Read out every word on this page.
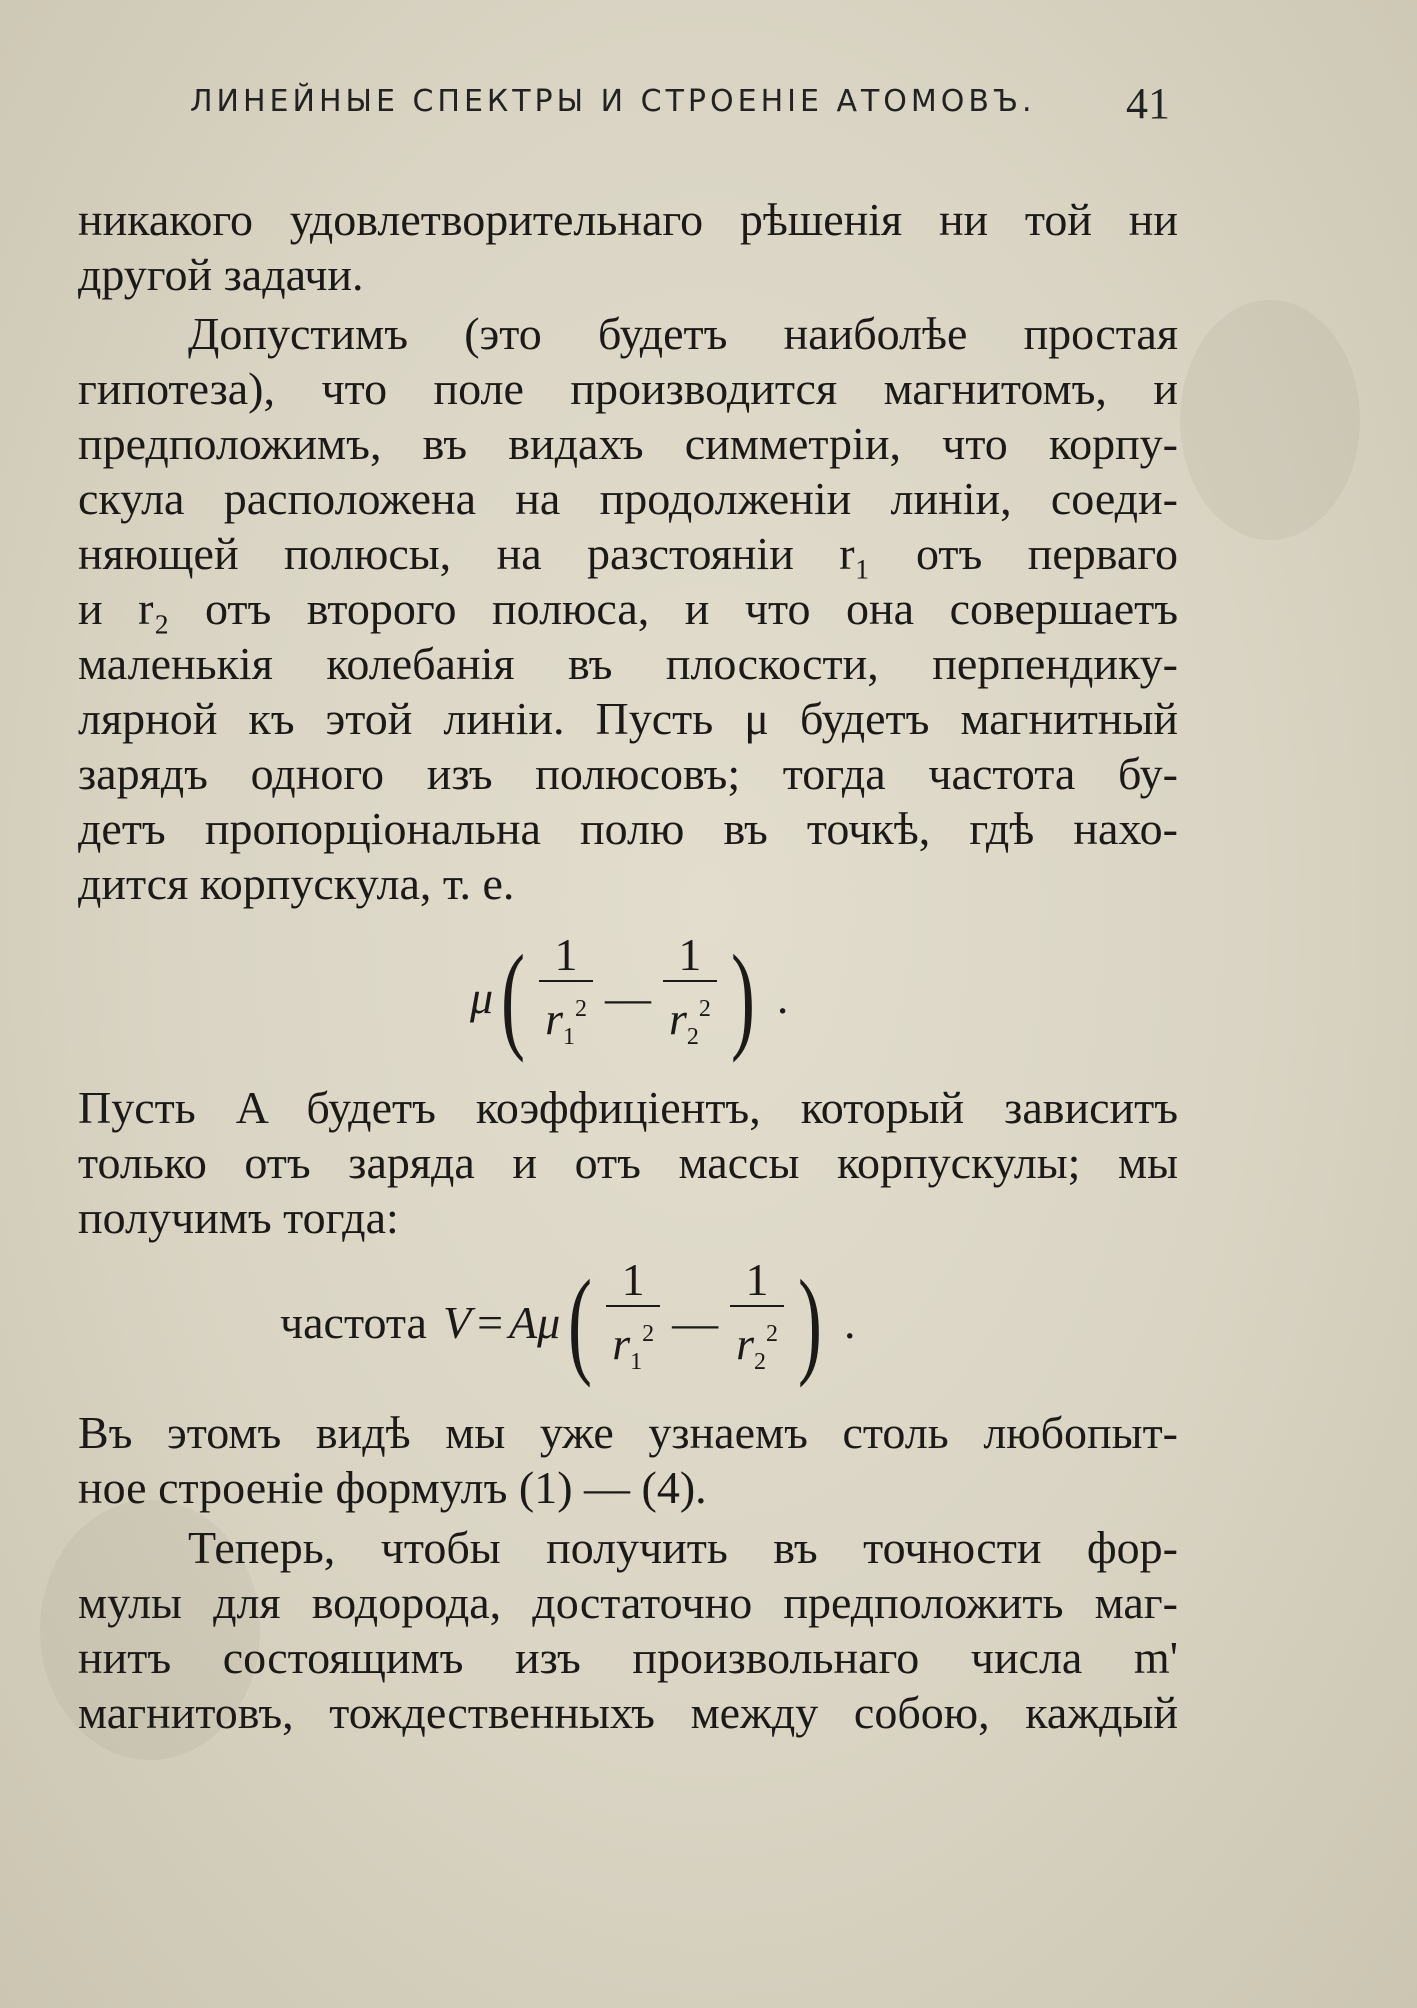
ЛИНЕЙНЫЕ СПЕКТРЫ И СТРОЕНІЕ АТОМОВЪ. 41
никакого удовлетворительнаго рѣшенія ни той ни
другой задачи.
Допустимъ (это будетъ наиболѣе простая
гипотеза), что поле производится магнитомъ, и
предположимъ, въ видахъ симметріи, что корпу-
скула расположена на продолженіи линіи, соеди-
няющей полюсы, на разстояніи r₁ отъ перваго
и r₂ отъ второго полюса, и что она совершаетъ
маленькія колебанія въ плоскости, перпендику-
лярной къ этой линіи. Пусть μ будетъ магнитный
зарядъ одного изъ полюсовъ; тогда частота бу-
детъ пропорціональна полю въ точкѣ, гдѣ нахо-
дится корпускула, т. е.
μ ( $\frac{1}{r_1^2}$ — $\frac{1}{r_2^2}$ ) .
Пусть A будетъ коэффиціентъ, который зависитъ
только отъ заряда и отъ массы корпускулы; мы
получимъ тогда:
частота V = Aμ ( $\frac{1}{r_1^2}$ — $\frac{1}{r_2^2}$ ) .
Въ этомъ видѣ мы уже узнаемъ столь любопыт-
ное строеніе формулъ (1) — (4).
Теперь, чтобы получить въ точности фор-
мулы для водорода, достаточно предположить маг-
нитъ состоящимъ изъ произвольнаго числа m'
магнитовъ, тождественныхъ между собою, каждый
